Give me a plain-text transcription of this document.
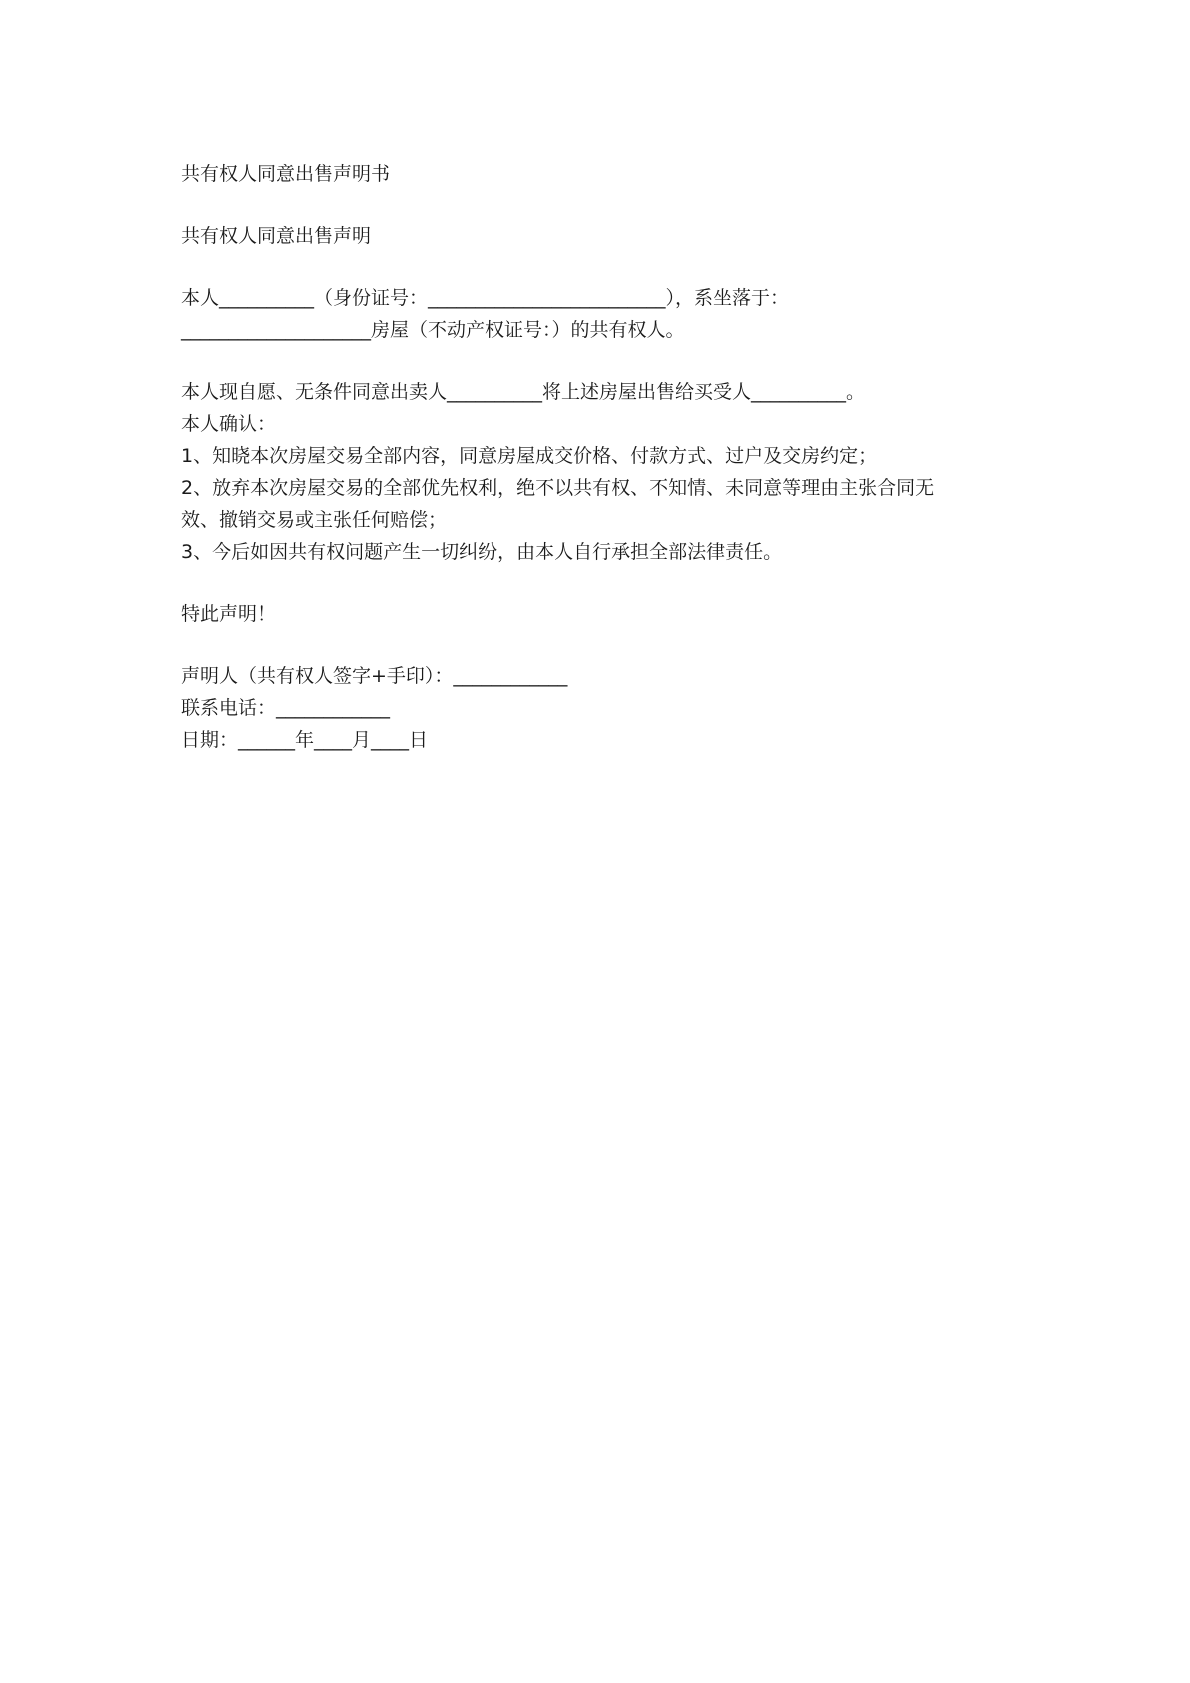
共有权人同意出售声明书
共有权人同意出售声明
本人__________（身份证号：_________________________），系坐落于：
____________________房屋（不动产权证号：）的共有权人。
本人现自愿、无条件同意出卖人__________将上述房屋出售给买受人__________。
本人确认：
1、知晓本次房屋交易全部内容，同意房屋成交价格、付款方式、过户及交房约定；
2、放弃本次房屋交易的全部优先权利，绝不以共有权、不知情、未同意等理由主张合同无
效、撤销交易或主张任何赔偿；
3、今后如因共有权问题产生一切纠纷，由本人自行承担全部法律责任。
特此声明！
声明人（共有权人签字+手印）：____________
联系电话：____________
日期：______年____月____日
